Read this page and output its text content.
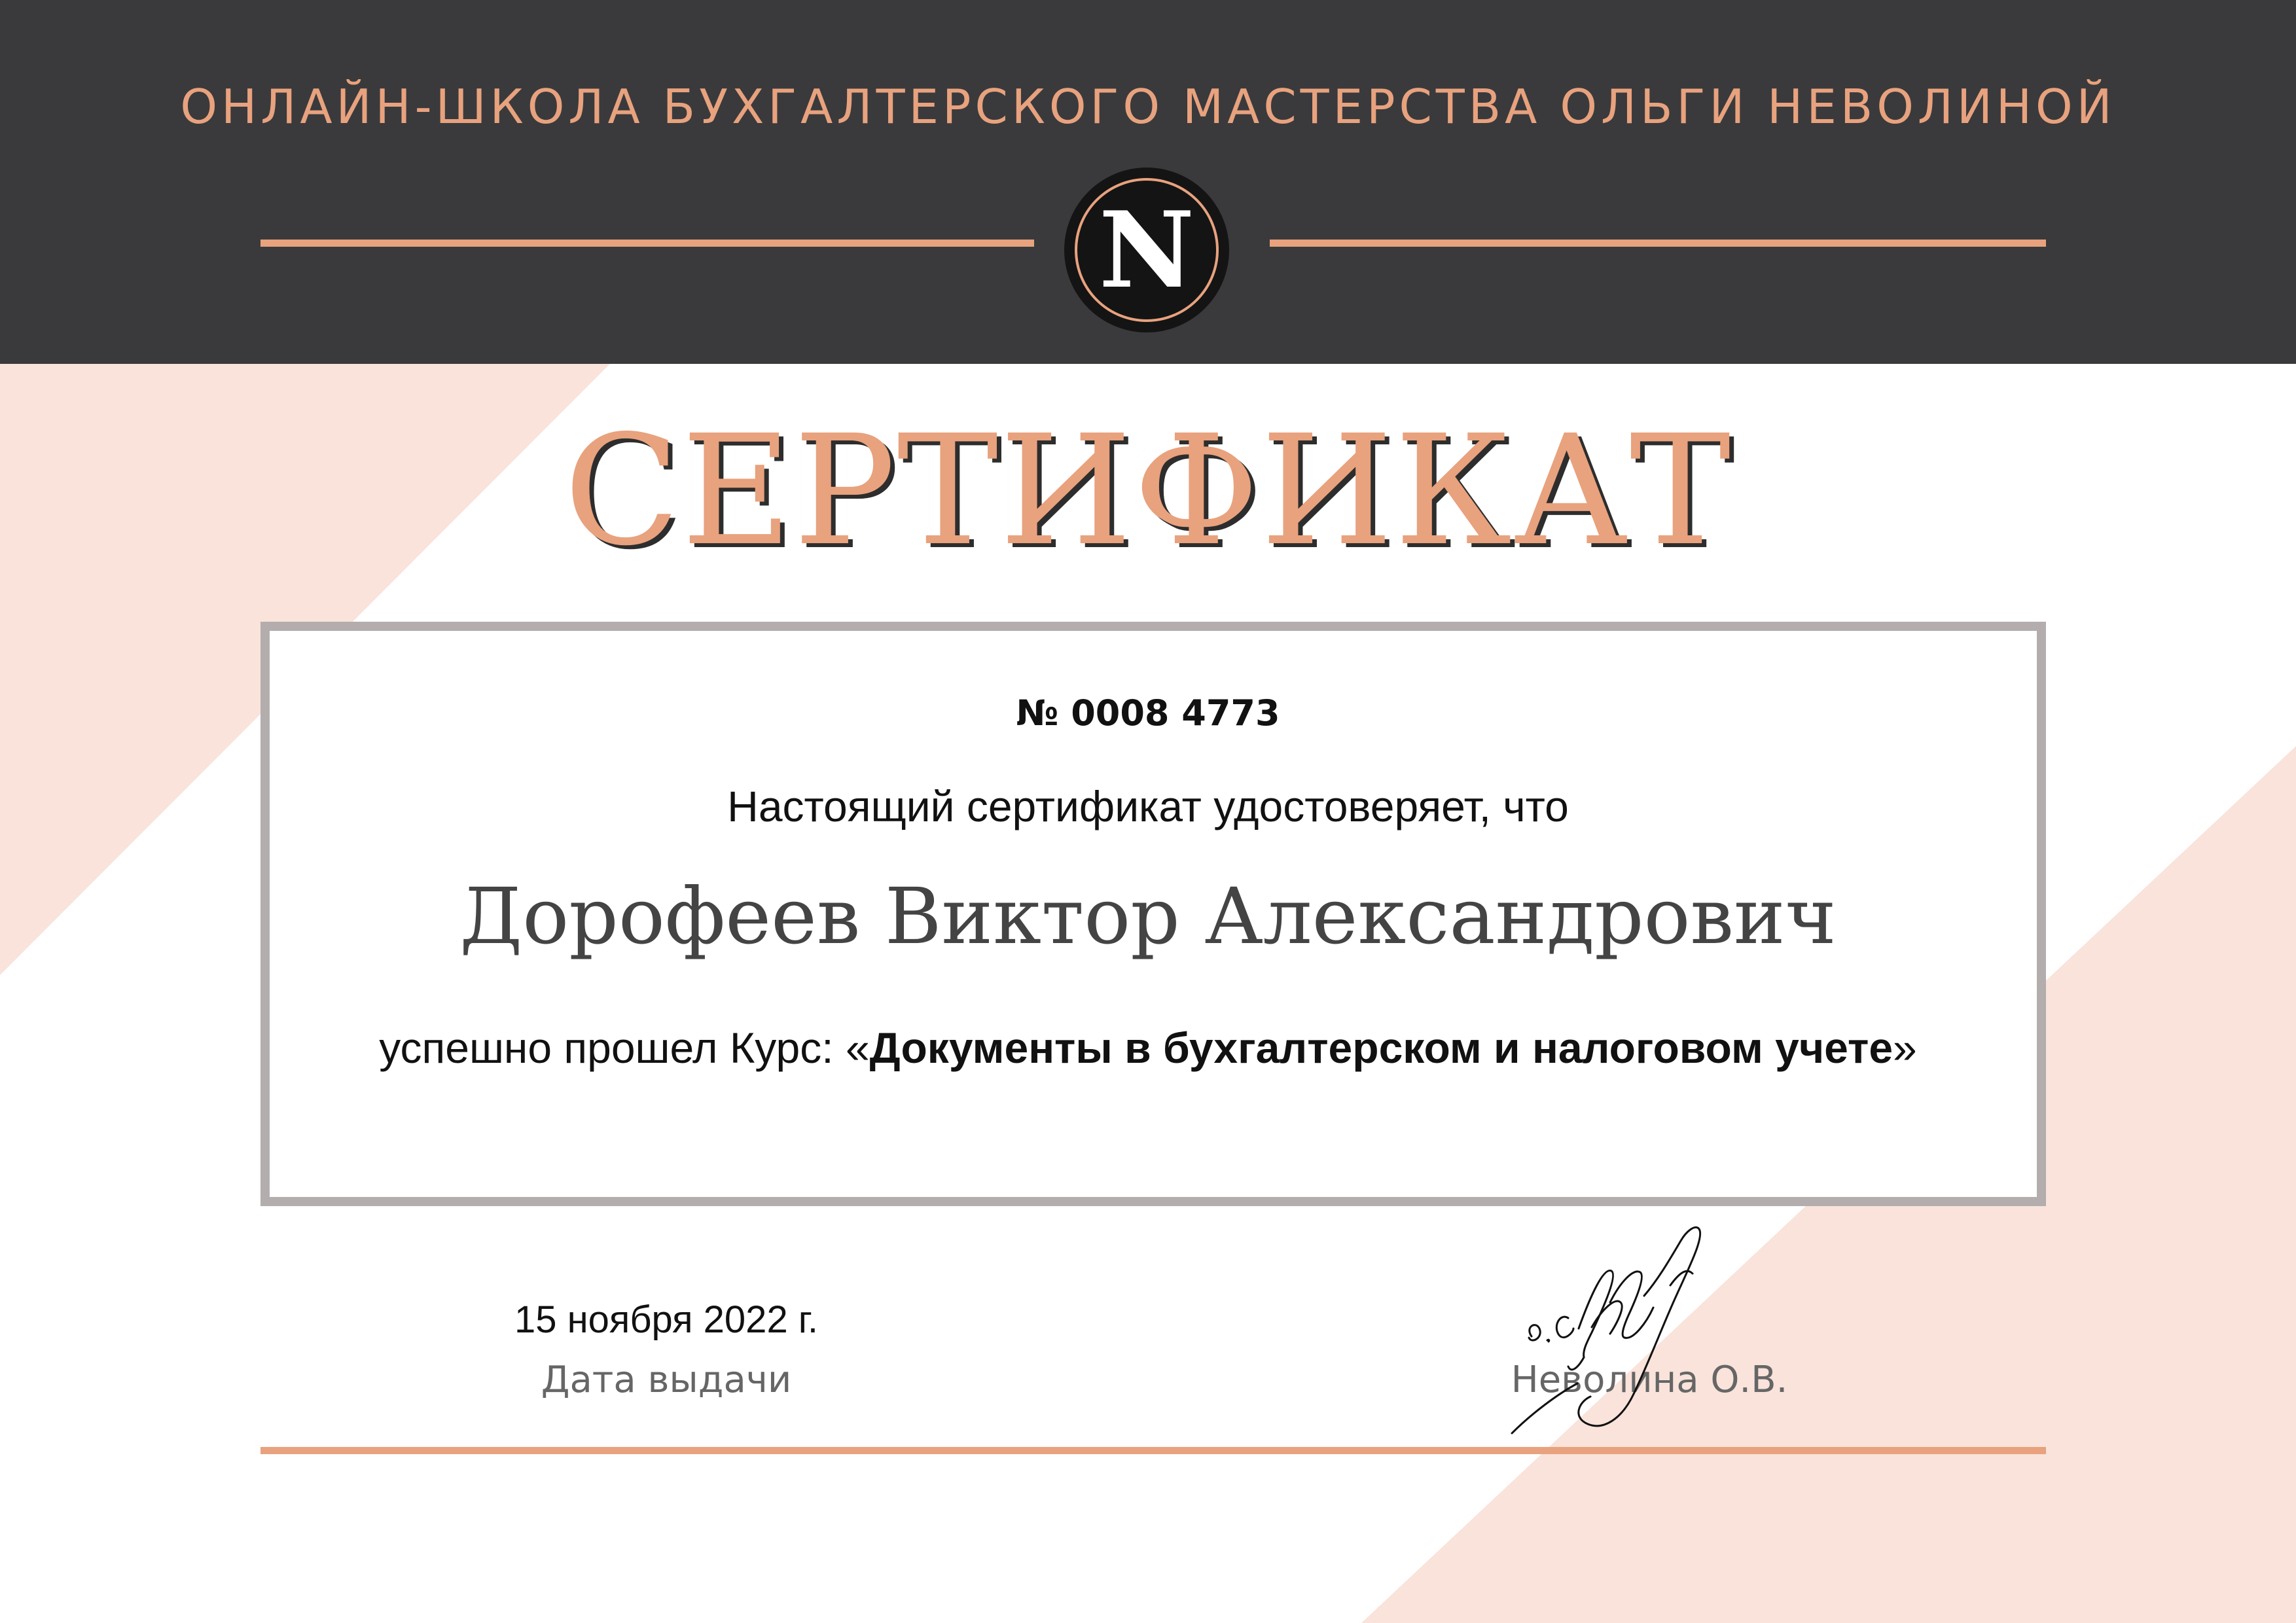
ОНЛАЙН-ШКОЛА БУХГАЛТЕРСКОГО МАСТЕРСТВА ОЛЬГИ НЕВОЛИНОЙ
N
СЕРТИФИКАТ
№ 0008 4773
Настоящий сертификат удостоверяет, что
Дорофеев Виктор Александрович
успешно прошел Курс: «Документы в бухгалтерском и налоговом учете»
15 ноября 2022 г.
Дата выдачи	Неволина О.В.
